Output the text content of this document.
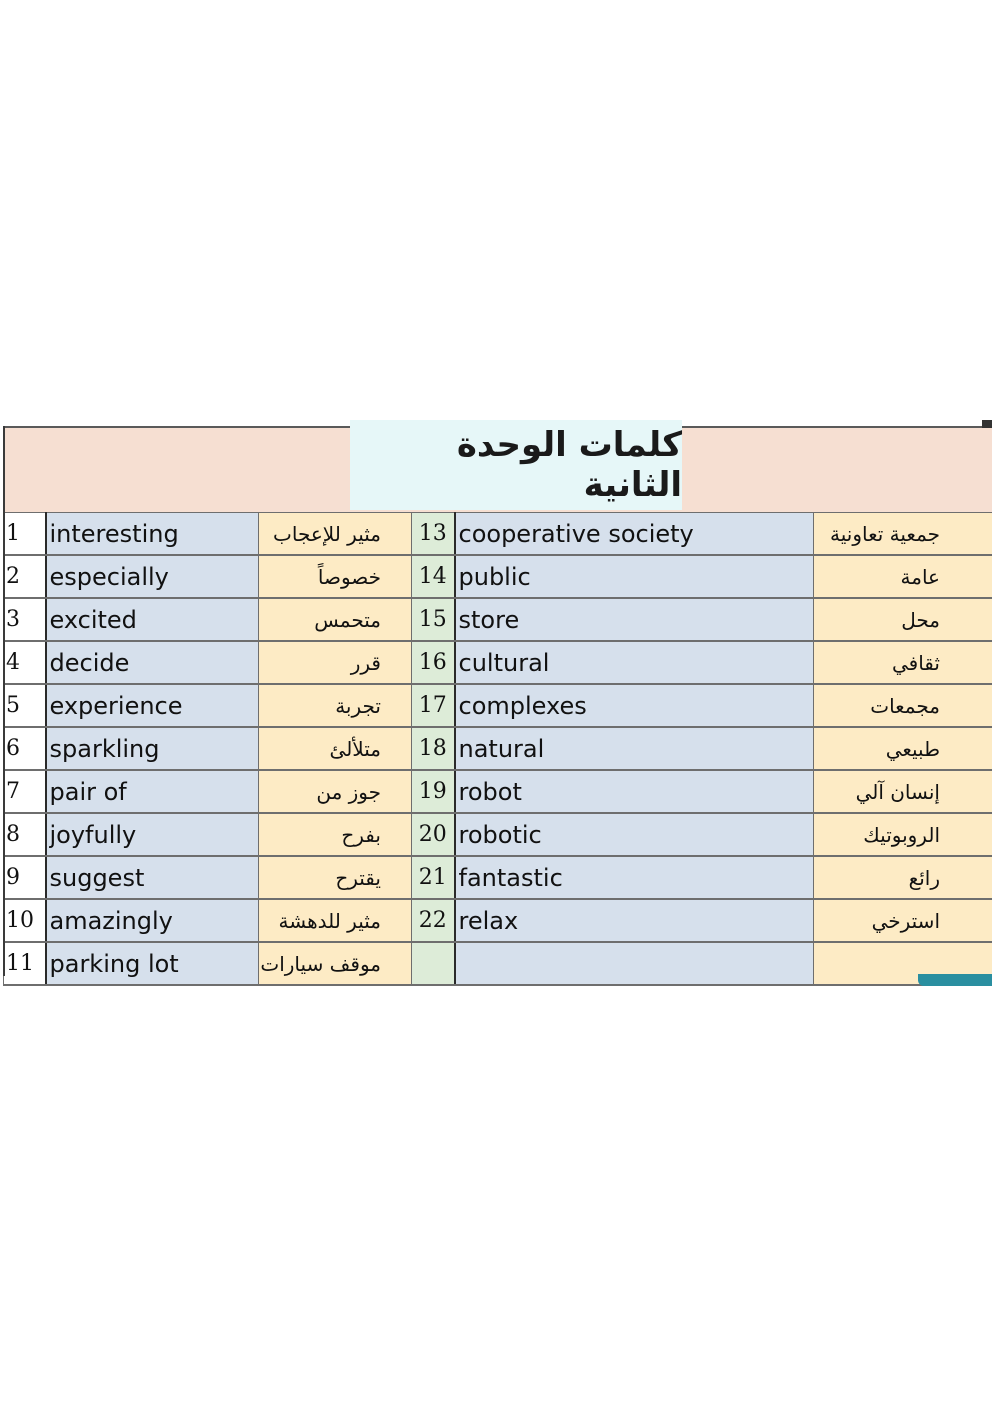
كلمات الوحدة الثانية
1	interesting	مثير للإعجاب	13	cooperative society	جمعية تعاونية
2	especially	خصوصاً	14	public	عامة
3	excited	متحمس	15	store	محل
4	decide	قرر	16	cultural	ثقافي
5	experience	تجربة	17	complexes	مجمعات
6	sparkling	متلألئ	18	natural	طبيعي
7	pair of	جوز من	19	robot	إنسان آلي
8	joyfully	بفرح	20	robotic	الروبوتيك
9	suggest	يقترح	21	fantastic	رائع
10	amazingly	مثير للدهشة	22	relax	استرخي
11	parking lot	موقف سيارات			
